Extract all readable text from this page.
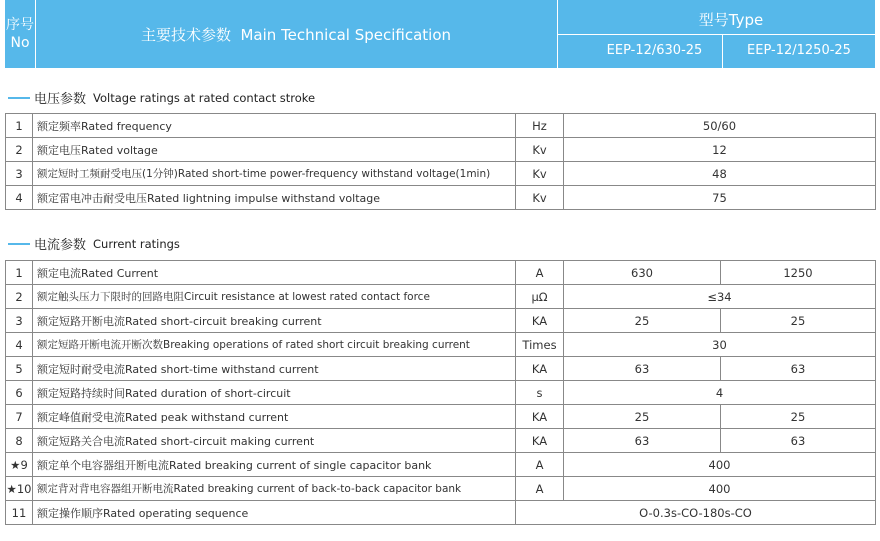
序号
No	主要技术参数  Main Technical Specification
型号Type
EEP-12/630-25	EEP-12/1250-25
电压参数 Voltage ratings at rated contact stroke
1	额定频率Rated frequency	Hz	50/60
2	额定电压Rated voltage	Kv	12
3	额定短时工频耐受电压(1分钟)Rated short-time power-frequency withstand voltage(1min)	Kv	48
4	额定雷电冲击耐受电压Rated lightning impulse withstand voltage	Kv	75
电流参数 Current ratings
1	额定电流Rated Current	A	630	1250
2	额定触头压力下限时的回路电阻Circuit resistance at lowest rated contact force	μΩ	≤34	
3	额定短路开断电流Rated short-circuit breaking current	KA	25	25
4	额定短路开断电流开断次数Breaking operations of rated short circuit breaking current	Times	30	
5	额定短时耐受电流Rated short-time withstand current	KA	63	63
6	额定短路持续时间Rated duration of short-circuit	s	4	
7	额定峰值耐受电流Rated peak withstand current	KA	25	25
8	额定短路关合电流Rated short-circuit making current	KA	63	63
★9	额定单个电容器组开断电流Rated breaking current of single capacitor bank	A	400	
★10	额定背对背电容器组开断电流Rated breaking current of back-to-back capacitor bank	A	400	
11	额定操作顺序Rated operating sequence	O-0.3s-CO-180s-CO		
